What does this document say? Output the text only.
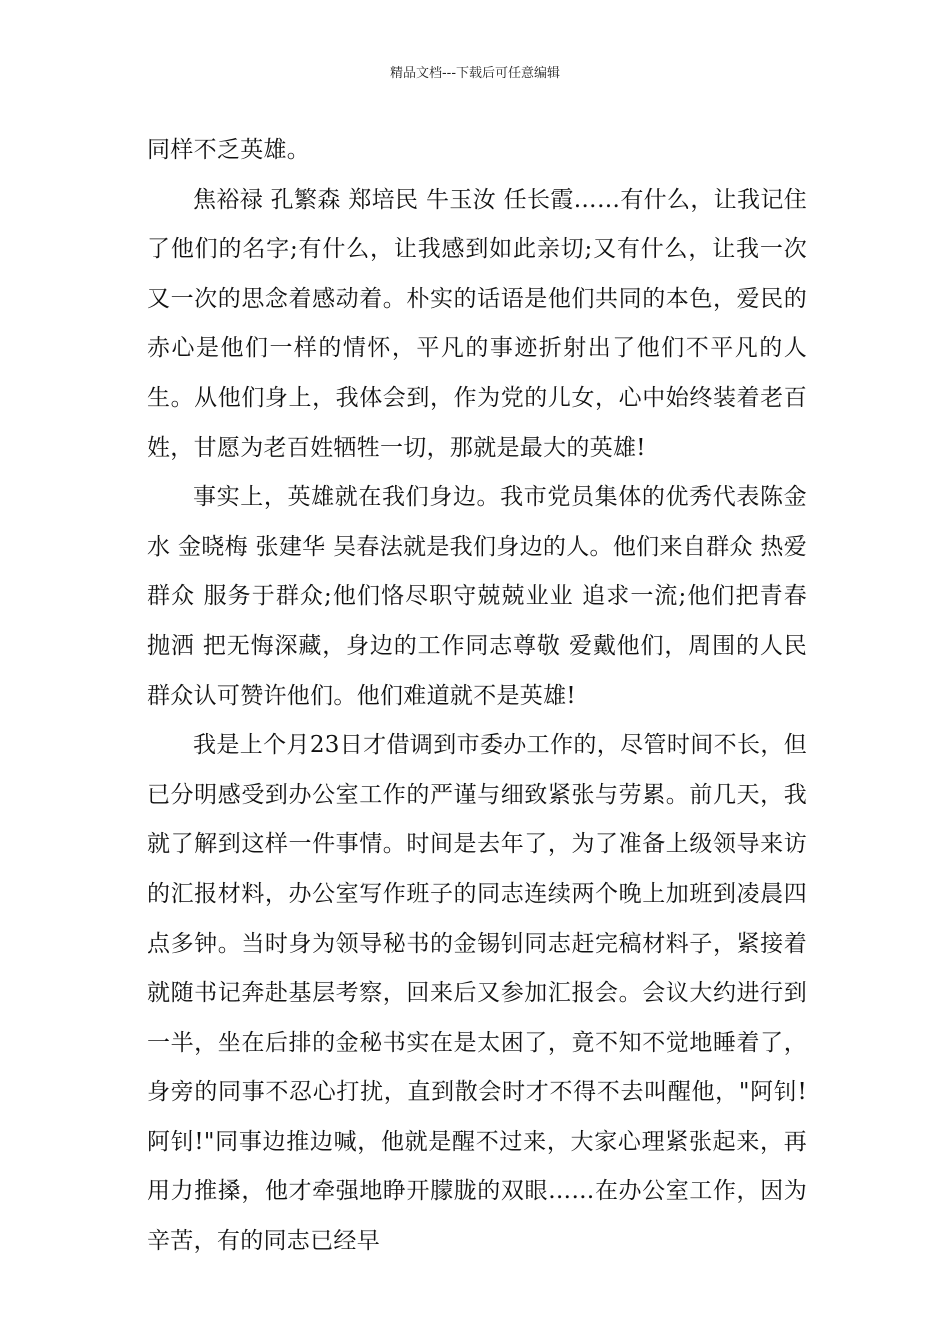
精品文档---下载后可任意编辑

同样不乏英雄。

焦裕禄 孔繁森 郑培民 牛玉汝 任长霞……有什么，让我记住了他们的名字;有什么，让我感到如此亲切;又有什么，让我一次又一次的思念着感动着。朴实的话语是他们共同的本色，爱民的赤心是他们一样的情怀，平凡的事迹折射出了他们不平凡的人生。从他们身上，我体会到，作为党的儿女，心中始终装着老百姓，甘愿为老百姓牺牲一切，那就是最大的英雄!

事实上，英雄就在我们身边。我市党员集体的优秀代表陈金水 金晓梅 张建华 吴春法就是我们身边的人。他们来自群众 热爱群众 服务于群众;他们恪尽职守兢兢业业 追求一流;他们把青春抛洒 把无悔深藏，身边的工作同志尊敬 爱戴他们，周围的人民群众认可赞许他们。他们难道就不是英雄!

我是上个月23日才借调到市委办工作的，尽管时间不长，但已分明感受到办公室工作的严谨与细致紧张与劳累。前几天，我就了解到这样一件事情。时间是去年了，为了准备上级领导来访的汇报材料，办公室写作班子的同志连续两个晚上加班到凌晨四点多钟。当时身为领导秘书的金锡钊同志赶完稿材料子，紧接着就随书记奔赴基层考察，回来后又参加汇报会。会议大约进行到一半，坐在后排的金秘书实在是太困了，竟不知不觉地睡着了，身旁的同事不忍心打扰，直到散会时才不得不去叫醒他，"阿钊!阿钊!"同事边推边喊，他就是醒不过来，大家心理紧张起来，再用力推搡，他才牵强地睁开朦胧的双眼……在办公室工作，因为辛苦，有的同志已经早
